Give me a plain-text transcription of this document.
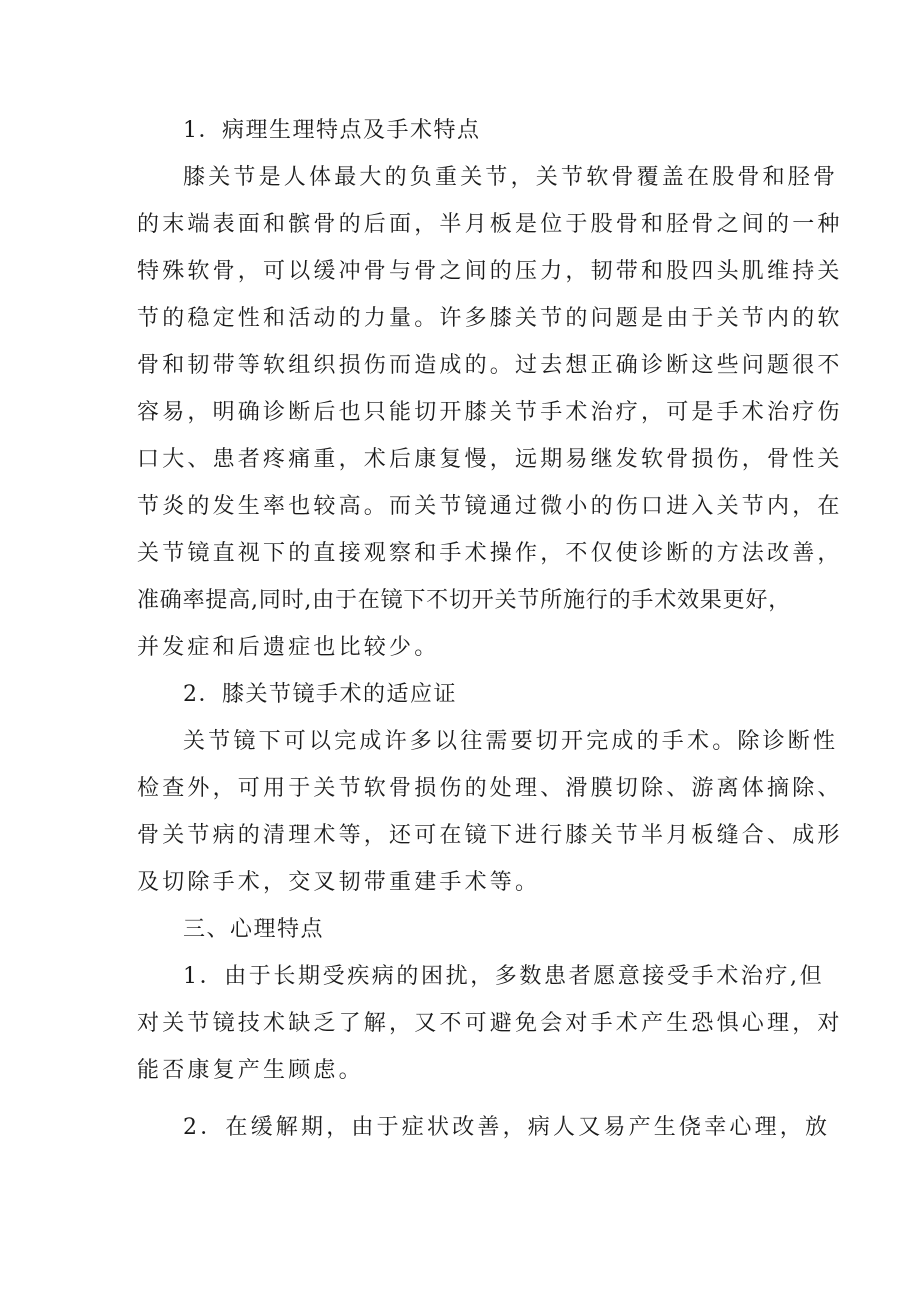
1．病理生理特点及手术特点
膝关节是人体最大的负重关节，关节软骨覆盖在股骨和胫骨
的末端表面和髌骨的后面，半月板是位于股骨和胫骨之间的一种
特殊软骨，可以缓冲骨与骨之间的压力，韧带和股四头肌维持关
节的稳定性和活动的力量。许多膝关节的问题是由于关节内的软
骨和韧带等软组织损伤而造成的。过去想正确诊断这些问题很不
容易，明确诊断后也只能切开膝关节手术治疗，可是手术治疗伤
口大、患者疼痛重，术后康复慢，远期易继发软骨损伤，骨性关
节炎的发生率也较高。而关节镜通过微小的伤口进入关节内，在
关节镜直视下的直接观察和手术操作，不仅使诊断的方法改善，
准确率提高,同时,由于在镜下不切开关节所施行的手术效果更好，
并发症和后遗症也比较少。
2．膝关节镜手术的适应证
关节镜下可以完成许多以往需要切开完成的手术。除诊断性
检查外，可用于关节软骨损伤的处理、滑膜切除、游离体摘除、
骨关节病的清理术等，还可在镜下进行膝关节半月板缝合、成形
及切除手术，交叉韧带重建手术等。
三、心理特点
1．由于长期受疾病的困扰，多数患者愿意接受手术治疗,但
对关节镜技术缺乏了解，又不可避免会对手术产生恐惧心理，对
能否康复产生顾虑。
2．在缓解期，由于症状改善，病人又易产生侥幸心理，放
